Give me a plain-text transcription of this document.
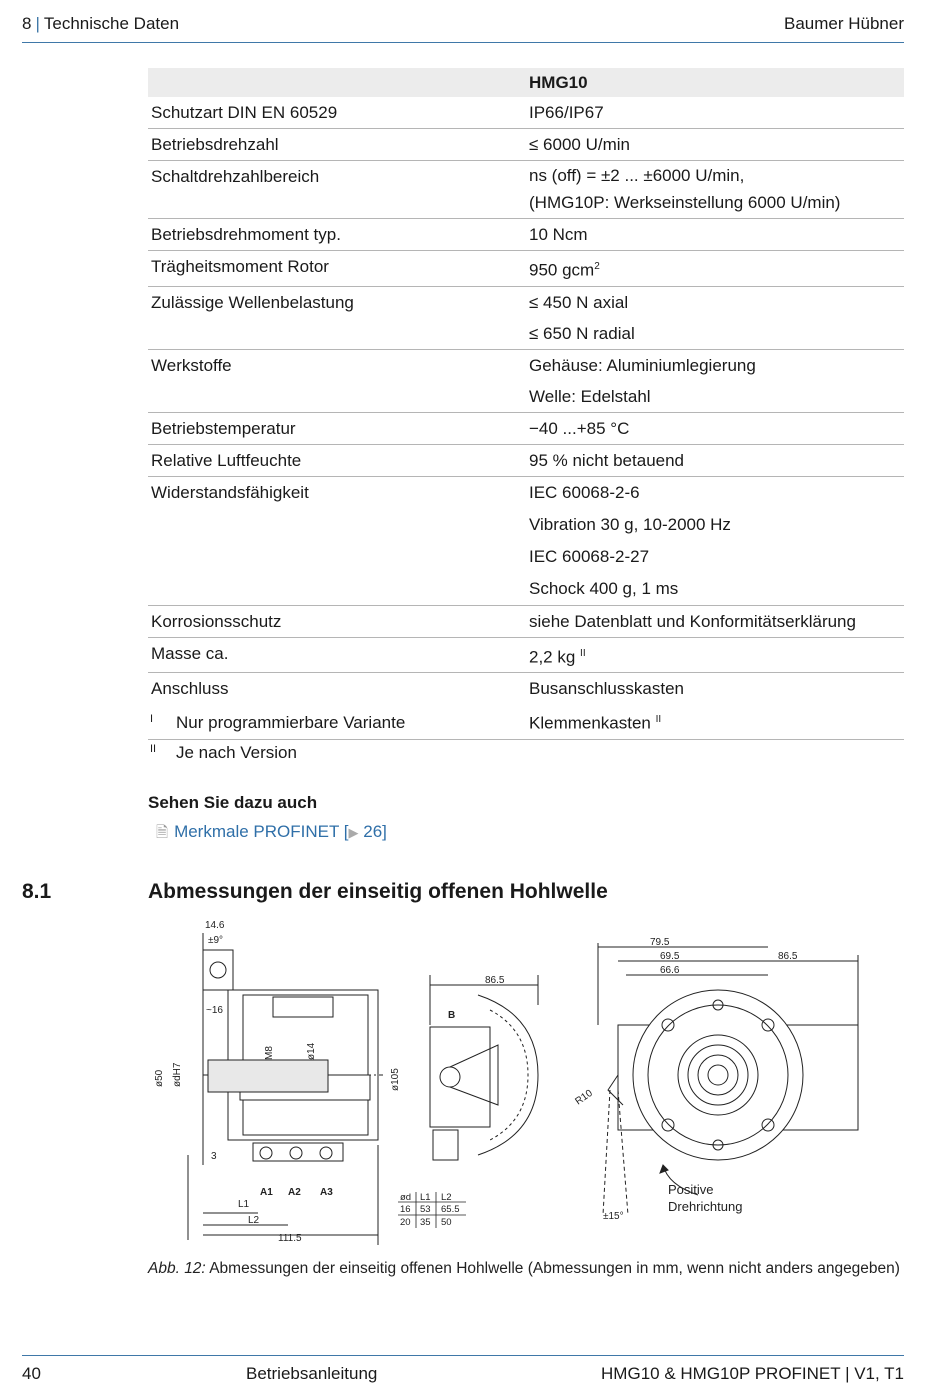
8 | Technische Daten	Baumer Hübner
	HMG10
Schutzart DIN EN 60529	IP66/IP67
Betriebsdrehzahl	≤ 6000 U/min
Schaltdrehzahlbereich	ns (off) = ±2 ... ±6000 U/min,
(HMG10P: Werkseinstellung 6000 U/min)

Betriebsdrehmoment typ.	10 Ncm
Trägheitsmoment Rotor	950 gcm$^2$
Zulässige Wellenbelastung	≤ 450 N axial
≤ 650 N radial

Werkstoffe	Gehäuse: Aluminiumlegierung
Welle: Edelstahl

Betriebstemperatur	−40 ...+85 °C
Relative Luftfeuchte	95 % nicht betauend
Widerstandsfähigkeit	IEC 60068-2-6
Vibration 30 g, 10-2000 Hz
IEC 60068-2-27
Schock 400 g, 1 ms

Korrosionsschutz	siehe Datenblatt und Konformitätserklärung
Masse ca.	2,2 kg $^{II}$
Anschluss	Busanschlusskasten
Klemmenkasten $^{II}$
I Nur programmierbare Variante
II Je nach Version
Sehen Sie dazu auch
🗎 Merkmale PROFINET [▶ 26]
8.1	Abmessungen der einseitig offenen Hohlwelle
14.6
±9°
~16
ø50 ødH7
M8	ø14
ø105
3
A1 A2 A3
L1
L2
111.5
86.5
B
ød L1 L2
16 53 65.5
20 35 50
79.5
69.5
66.6
86.5
R10
±15°
Positive
Drehrichtung
Abb. 12: Abmessungen der einseitig offenen Hohlwelle (Abmessungen in mm, wenn nicht anders angegeben)
40	Betriebsanleitung	HMG10 & HMG10P PROFINET | V1, T1
